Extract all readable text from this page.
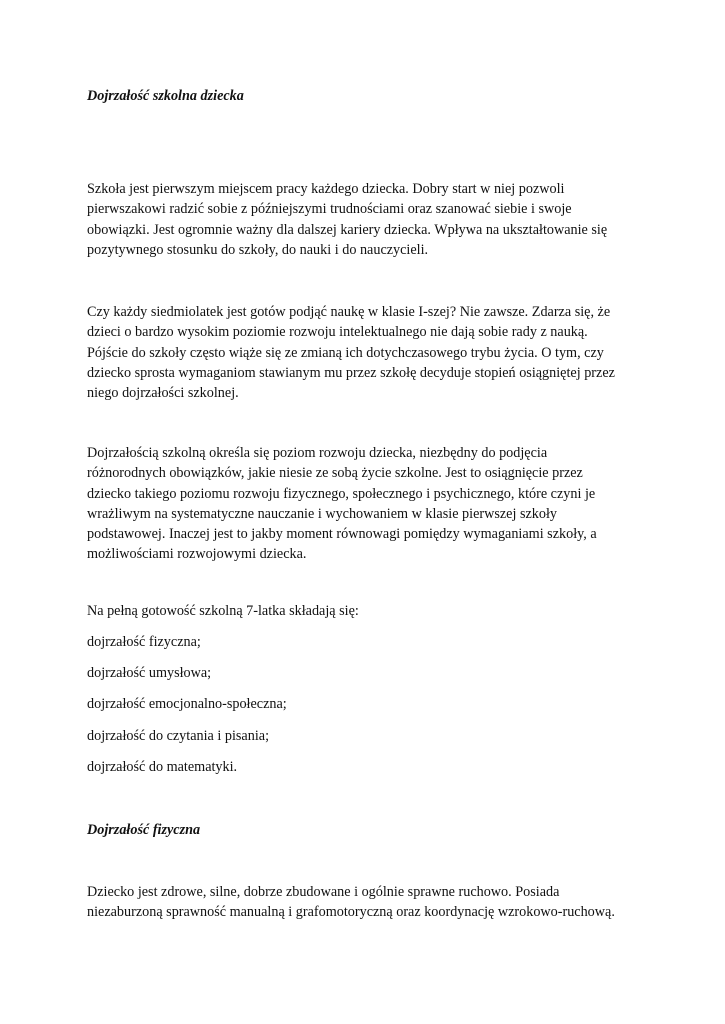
Dojrzałość szkolna dziecka
Szkoła jest pierwszym miejscem pracy każdego dziecka. Dobry start w niej pozwoli
pierwszakowi radzić sobie z późniejszymi trudnościami oraz szanować siebie i swoje
obowiązki. Jest ogromnie ważny dla dalszej kariery dziecka. Wpływa na ukształtowanie się
pozytywnego stosunku do szkoły, do nauki i do nauczycieli.
Czy każdy siedmiolatek jest gotów podjąć naukę w klasie I-szej? Nie zawsze. Zdarza się, że
dzieci o bardzo wysokim poziomie rozwoju intelektualnego nie dają sobie rady z nauką.
Pójście do szkoły często wiąże się ze zmianą ich dotychczasowego trybu życia. O tym, czy
dziecko sprosta wymaganiom stawianym mu przez szkołę decyduje stopień osiągniętej przez
niego dojrzałości szkolnej.
Dojrzałością szkolną określa się poziom rozwoju dziecka, niezbędny do podjęcia
różnorodnych obowiązków, jakie niesie ze sobą życie szkolne. Jest to osiągnięcie przez
dziecko takiego poziomu rozwoju fizycznego, społecznego i psychicznego, które czyni je
wrażliwym na systematyczne nauczanie i wychowaniem w klasie pierwszej szkoły
podstawowej. Inaczej jest to jakby moment równowagi pomiędzy wymaganiami szkoły, a
możliwościami rozwojowymi dziecka.
Na pełną gotowość szkolną 7-latka składają się:
dojrzałość fizyczna;
dojrzałość umysłowa;
dojrzałość emocjonalno-społeczna;
dojrzałość do czytania i pisania;
dojrzałość do matematyki.
Dojrzałość fizyczna
Dziecko jest zdrowe, silne, dobrze zbudowane i ogólnie sprawne ruchowo. Posiada
niezaburzoną sprawność manualną i grafomotoryczną oraz koordynację wzrokowo-ruchową.
